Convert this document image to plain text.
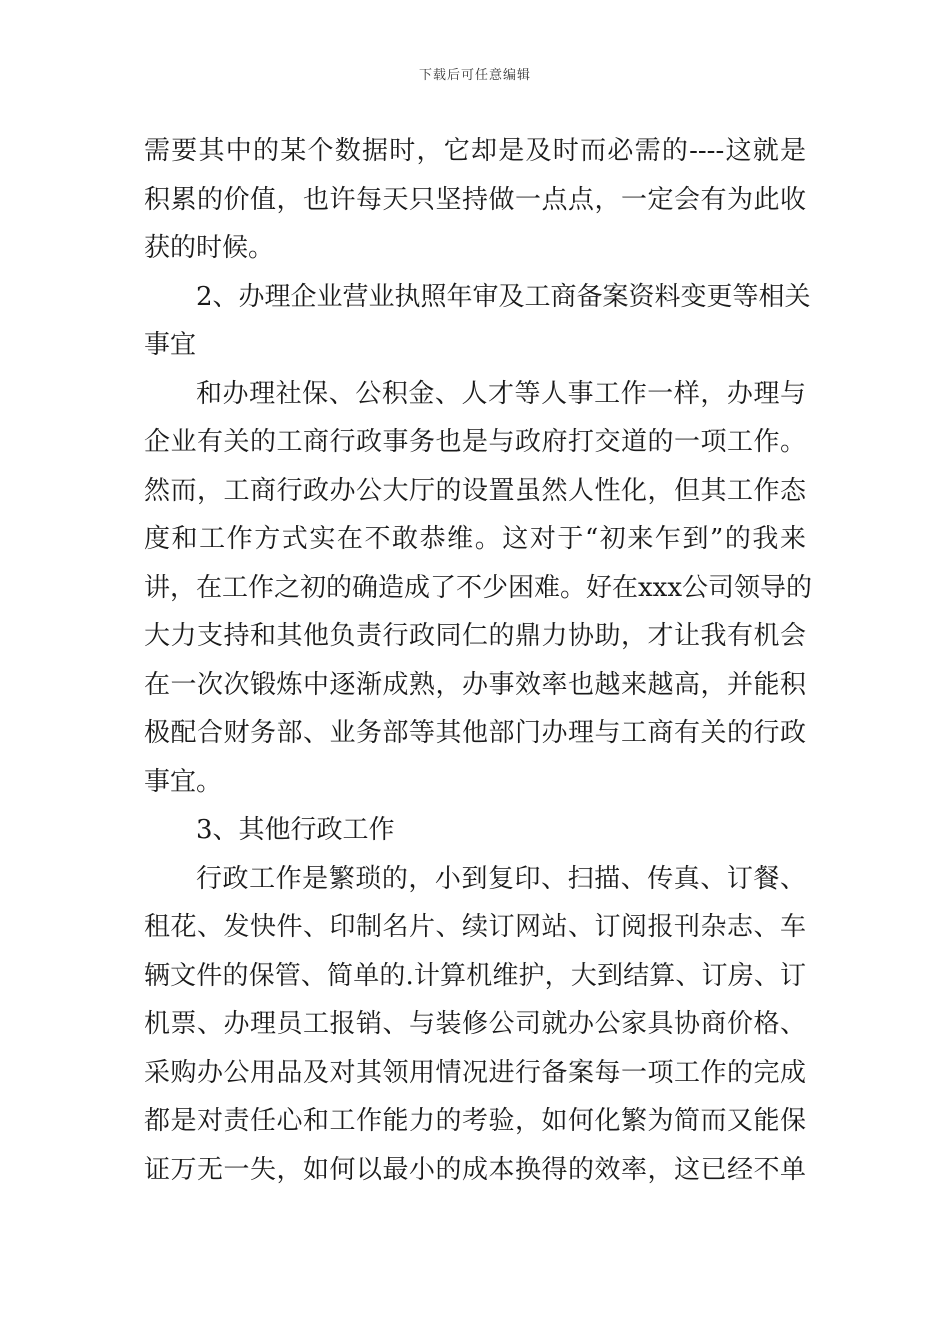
下载后可任意编辑
需要其中的某个数据时，它却是及时而必需的----这就是
积累的价值，也许每天只坚持做一点点，一定会有为此收
获的时候。
2、办理企业营业执照年审及工商备案资料变更等相关
事宜
和办理社保、公积金、人才等人事工作一样，办理与
企业有关的工商行政事务也是与政府打交道的一项工作。
然而，工商行政办公大厅的设置虽然人性化，但其工作态
度和工作方式实在不敢恭维。这对于“初来乍到”的我来
讲，在工作之初的确造成了不少困难。好在xxx公司领导的
大力支持和其他负责行政同仁的鼎力协助，才让我有机会
在一次次锻炼中逐渐成熟，办事效率也越来越高，并能积
极配合财务部、业务部等其他部门办理与工商有关的行政
事宜。
3、其他行政工作
行政工作是繁琐的，小到复印、扫描、传真、订餐、
租花、发快件、印制名片、续订网站、订阅报刊杂志、车
辆文件的保管、简单的.计算机维护，大到结算、订房、订
机票、办理员工报销、与装修公司就办公家具协商价格、
采购办公用品及对其领用情况进行备案每一项工作的完成
都是对责任心和工作能力的考验，如何化繁为简而又能保
证万无一失，如何以最小的成本换得的效率，这已经不单
